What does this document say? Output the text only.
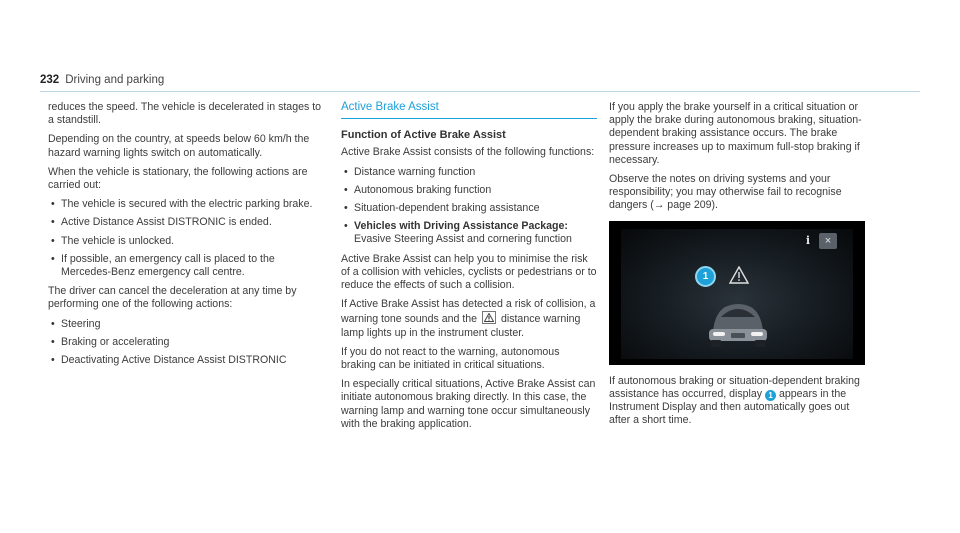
232 Driving and parking

reduces the speed. The vehicle is decelerated in stages to a standstill.

Depending on the country, at speeds below 60 km/h the hazard warning lights switch on automatically.

When the vehicle is stationary, the following actions are carried out:

• The vehicle is secured with the electric parking brake.
• Active Distance Assist DISTRONIC is ended.
• The vehicle is unlocked.
• If possible, an emergency call is placed to the Mercedes-Benz emergency call centre.

The driver can cancel the deceleration at any time by performing one of the following actions:

• Steering
• Braking or accelerating
• Deactivating Active Distance Assist DISTRONIC
Active Brake Assist
Function of Active Brake Assist

Active Brake Assist consists of the following functions:

• Distance warning function
• Autonomous braking function
• Situation-dependent braking assistance
• Vehicles with Driving Assistance Package: Evasive Steering Assist and cornering function

Active Brake Assist can help you to minimise the risk of a collision with vehicles, cyclists or pedestrians or to reduce the effects of such a collision.

If Active Brake Assist has detected a risk of collision, a warning tone sounds and the
distance warning lamp lights up in the instrument cluster.

If you do not react to the warning, autonomous braking can be initiated in critical situations.

In especially critical situations, Active Brake Assist can initiate autonomous braking directly. In this case, the warning lamp and warning tone occur simultaneously with the braking application.

If you apply the brake yourself in a critical situation or apply the brake during autonomous braking, situation-dependent braking assistance occurs. The brake pressure increases up to maximum full-stop braking if necessary.

Observe the notes on driving systems and your responsibility; you may otherwise fail to recognise dangers (→ page 209).

i	×
1

If autonomous braking or situation-dependent braking assistance has occurred, display 1 appears in the Instrument Display and then automatically goes out after a short time.
